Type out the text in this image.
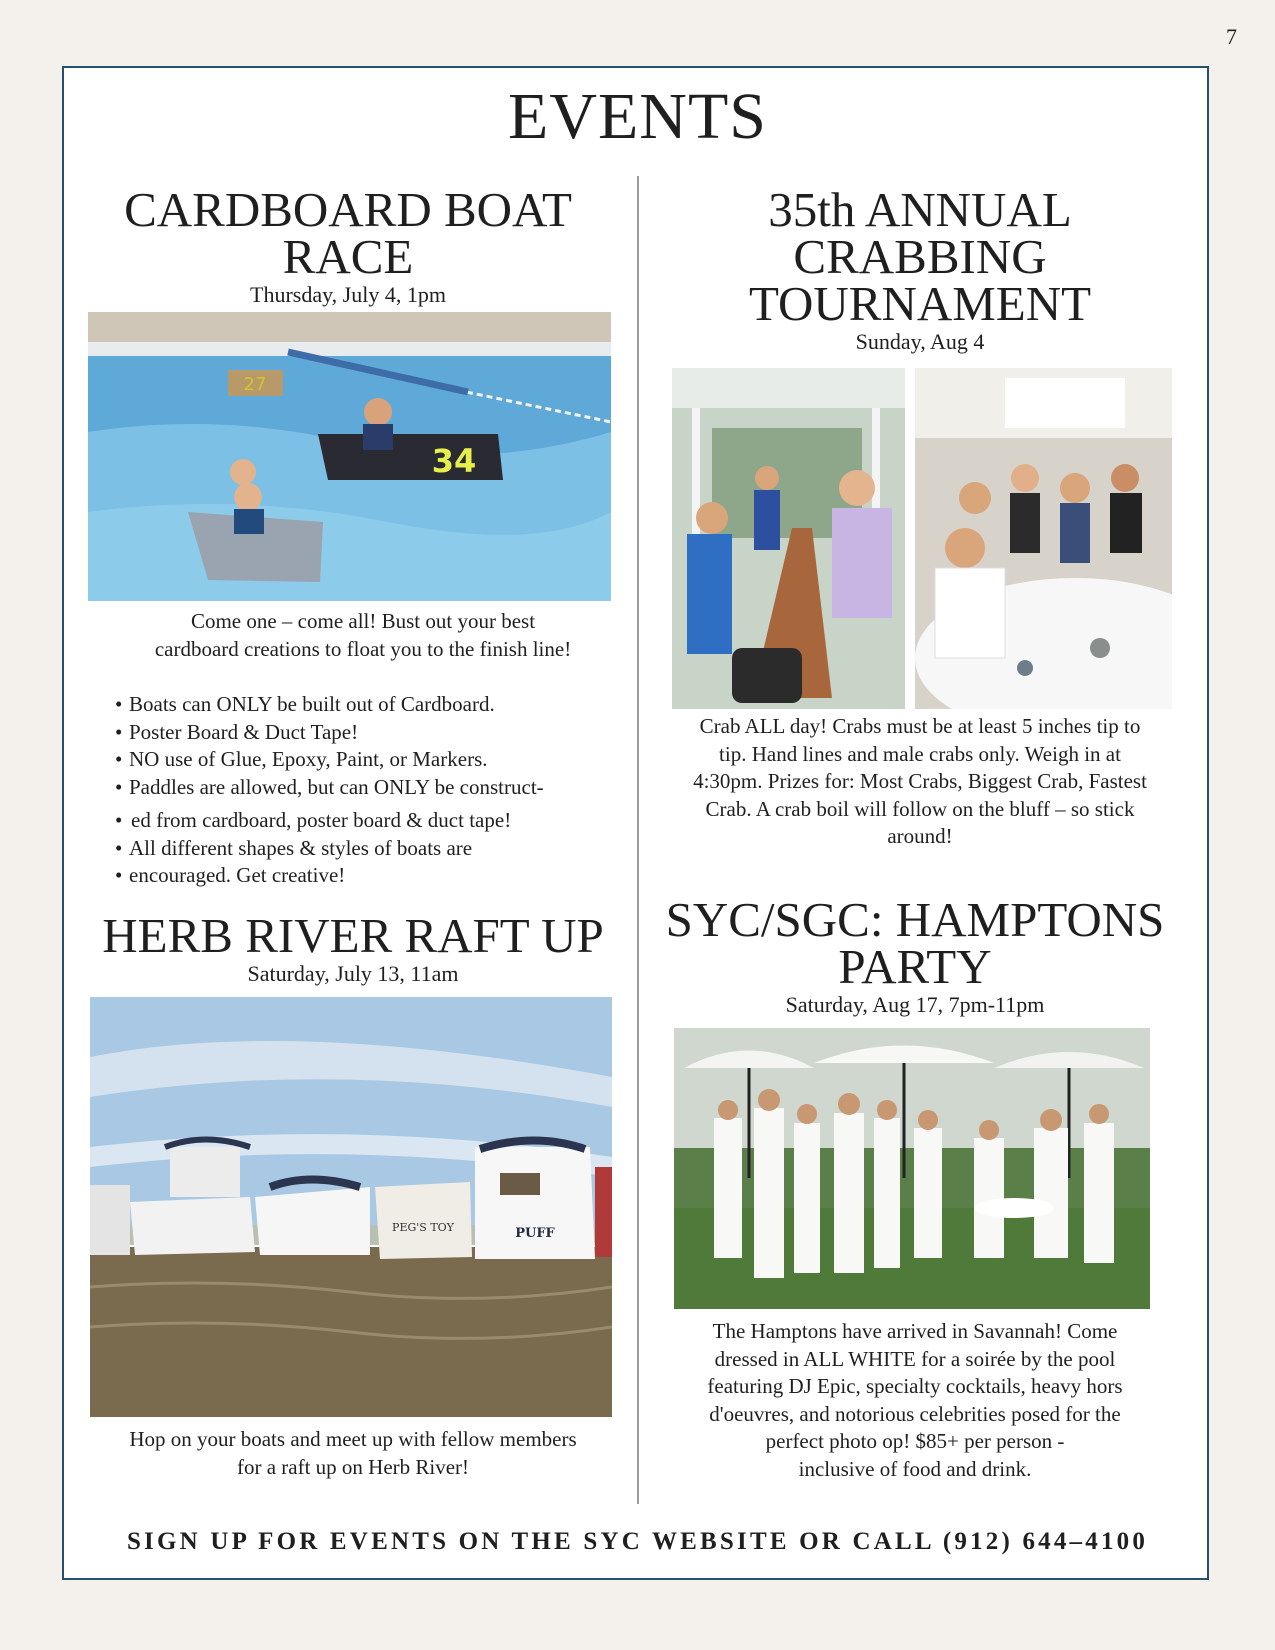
7
EVENTS
CARDBOARD BOAT
RACE
Thursday, July 4, 1pm
34
27
Come one – come all! Bust out your best
cardboard creations to float you to the finish line!
• Boats can ONLY be built out of Cardboard.
• Poster Board & Duct Tape!
• NO use of Glue, Epoxy, Paint, or Markers.
• Paddles are allowed, but can ONLY be construct-
• ed from cardboard, poster board & duct tape!
• All different shapes & styles of boats are
• encouraged. Get creative!
35th ANNUAL
CRABBING
TOURNAMENT
Sunday, Aug 4
Crab ALL day! Crabs must be at least 5 inches tip to
tip. Hand lines and male crabs only. Weigh in at
4:30pm. Prizes for: Most Crabs, Biggest Crab, Fastest
Crab. A crab boil will follow on the bluff – so stick
around!
HERB RIVER RAFT UP
Saturday, July 13, 11am
PEG'S TOY	PUFF
Hop on your boats and meet up with fellow members
for a raft up on Herb River!
SYC/SGC: HAMPTONS
PARTY
Saturday, Aug 17, 7pm-11pm
The Hamptons have arrived in Savannah! Come
dressed in ALL WHITE for a soirée by the pool
featuring DJ Epic, specialty cocktails, heavy hors
d'oeuvres, and notorious celebrities posed for the
perfect photo op! $85+ per person -
inclusive of food and drink.
SIGN UP FOR EVENTS ON THE SYC WEBSITE OR CALL (912) 644–4100
